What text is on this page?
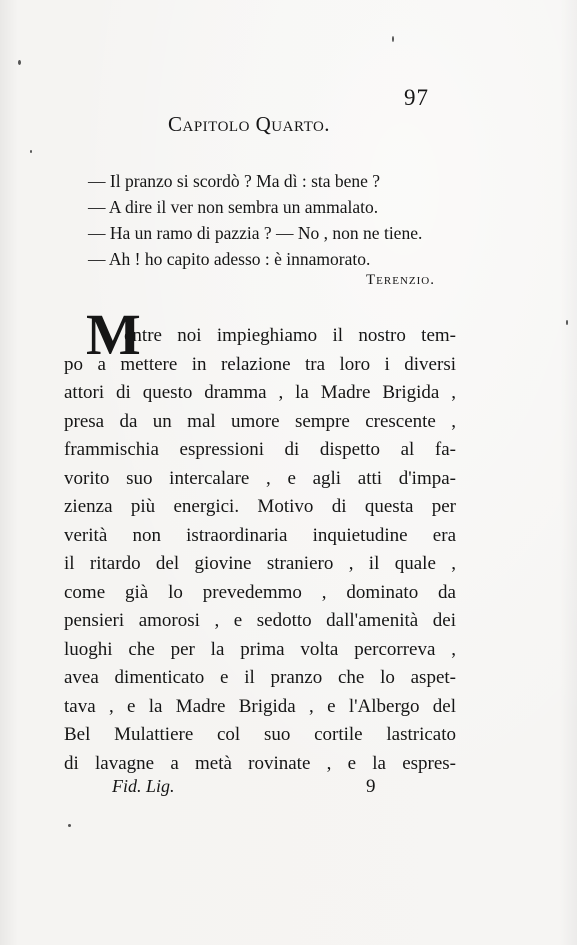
97
Capitolo Quarto.
— Il pranzo si scordò ? Ma dì : sta bene ?
— A dire il ver non sembra un ammalato.
— Ha un ramo di pazzia ? — No , non ne tiene.
— Ah ! ho capito adesso : è innamorato.
Terenzio.
M
entre noi impieghiamo il nostro tem-
po a mettere in relazione tra loro i diversi
attori di questo dramma , la Madre Brigida ,
presa da un mal umore sempre crescente ,
frammischia espressioni di dispetto al fa-
vorito suo intercalare , e agli atti d'impa-
zienza più energici. Motivo di questa per
verità non istraordinaria inquietudine era
il ritardo del giovine straniero , il quale ,
come già lo prevedemmo , dominato da
pensieri amorosi , e sedotto dall'amenità dei
luoghi che per la prima volta percorreva ,
avea dimenticato e il pranzo che lo aspet-
tava , e la Madre Brigida , e l'Albergo del
Bel Mulattiere col suo cortile lastricato
di lavagne a metà rovinate , e la espres-
Fid. Lig.	9
